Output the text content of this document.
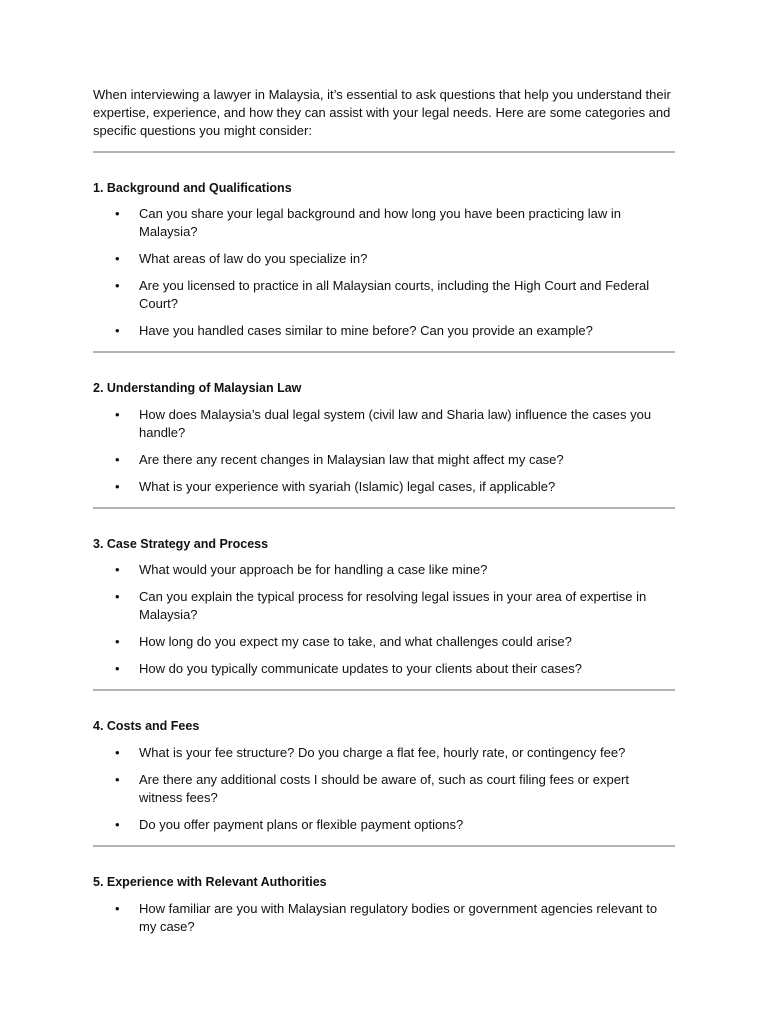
When interviewing a lawyer in Malaysia, it’s essential to ask questions that help you understand their expertise, experience, and how they can assist with your legal needs. Here are some categories and specific questions you might consider:

1. Background and Qualifications

• Can you share your legal background and how long you have been practicing law in Malaysia?
• What areas of law do you specialize in?
• Are you licensed to practice in all Malaysian courts, including the High Court and Federal Court?
• Have you handled cases similar to mine before? Can you provide an example?

2. Understanding of Malaysian Law

• How does Malaysia’s dual legal system (civil law and Sharia law) influence the cases you handle?
• Are there any recent changes in Malaysian law that might affect my case?
• What is your experience with syariah (Islamic) legal cases, if applicable?

3. Case Strategy and Process

• What would your approach be for handling a case like mine?
• Can you explain the typical process for resolving legal issues in your area of expertise in Malaysia?
• How long do you expect my case to take, and what challenges could arise?
• How do you typically communicate updates to your clients about their cases?

4. Costs and Fees

• What is your fee structure? Do you charge a flat fee, hourly rate, or contingency fee?
• Are there any additional costs I should be aware of, such as court filing fees or expert witness fees?
• Do you offer payment plans or flexible payment options?

5. Experience with Relevant Authorities

• How familiar are you with Malaysian regulatory bodies or government agencies relevant to my case?
